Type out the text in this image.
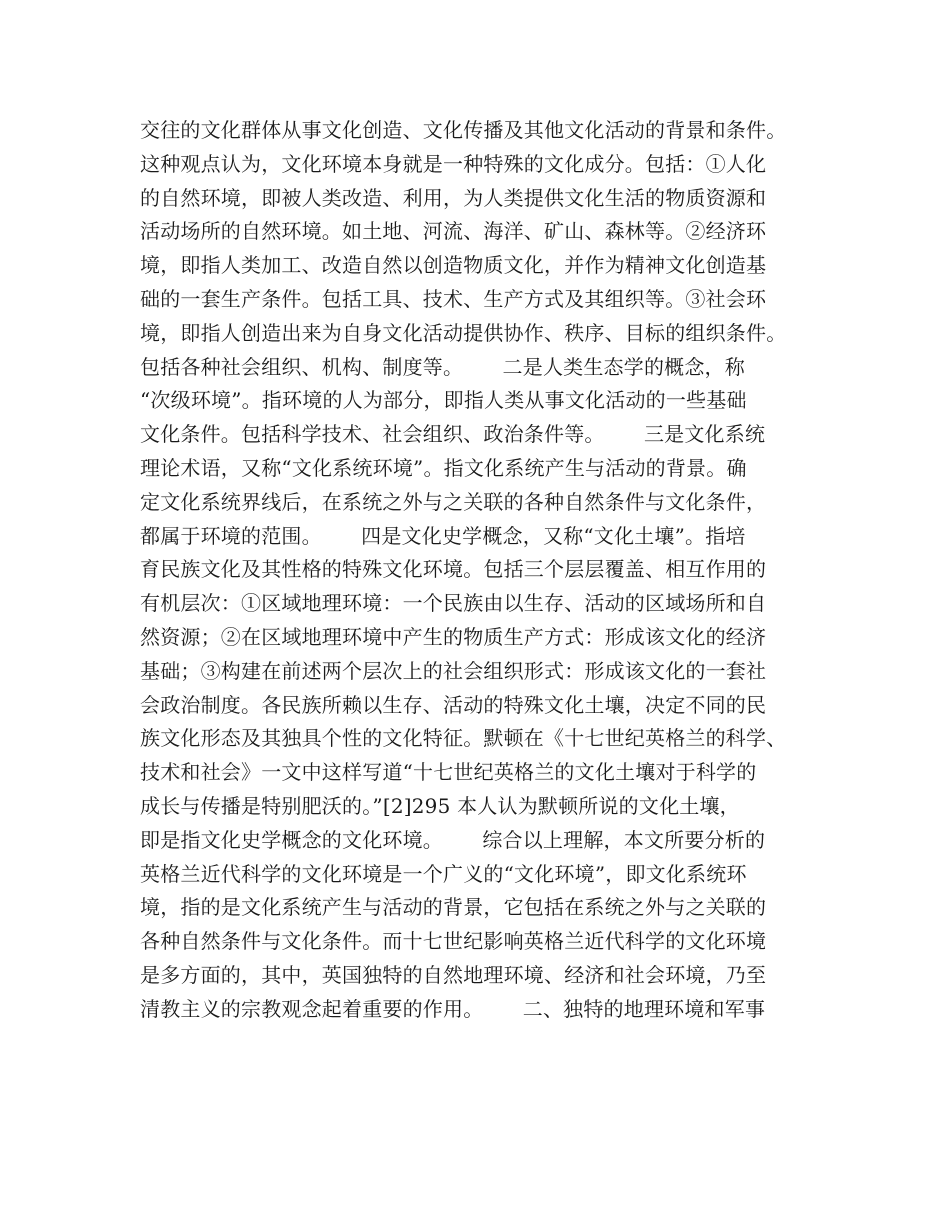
交往的文化群体从事文化创造、文化传播及其他文化活动的背景和条件。
这种观点认为，文化环境本身就是一种特殊的文化成分。包括：①人化
的自然环境，即被人类改造、利用，为人类提供文化生活的物质资源和
活动场所的自然环境。如土地、河流、海洋、矿山、森林等。②经济环
境，即指人类加工、改造自然以创造物质文化，并作为精神文化创造基
础的一套生产条件。包括工具、技术、生产方式及其组织等。③社会环
境，即指人创造出来为自身文化活动提供协作、秩序、目标的组织条件。
包括各种社会组织、机构、制度等。      二是人类生态学的概念，称
“次级环境”。指环境的人为部分，即指人类从事文化活动的一些基础
文化条件。包括科学技术、社会组织、政治条件等。      三是文化系统
理论术语，又称“文化系统环境”。指文化系统产生与活动的背景。确
定文化系统界线后，在系统之外与之关联的各种自然条件与文化条件，
都属于环境的范围。      四是文化史学概念，又称“文化土壤”。指培
育民族文化及其性格的特殊文化环境。包括三个层层覆盖、相互作用的
有机层次：①区域地理环境：一个民族由以生存、活动的区域场所和自
然资源；②在区域地理环境中产生的物质生产方式：形成该文化的经济
基础；③构建在前述两个层次上的社会组织形式：形成该文化的一套社
会政治制度。各民族所赖以生存、活动的特殊文化土壤，决定不同的民
族文化形态及其独具个性的文化特征。默顿在《十七世纪英格兰的科学、
技术和社会》一文中这样写道“十七世纪英格兰的文化土壤对于科学的
成长与传播是特别肥沃的。”[2]295 本人认为默顿所说的文化土壤，
即是指文化史学概念的文化环境。      综合以上理解，本文所要分析的
英格兰近代科学的文化环境是一个广义的“文化环境”，即文化系统环
境，指的是文化系统产生与活动的背景，它包括在系统之外与之关联的
各种自然条件与文化条件。而十七世纪影响英格兰近代科学的文化环境
是多方面的，其中，英国独特的自然地理环境、经济和社会环境，乃至
清教主义的宗教观念起着重要的作用。      二、独特的地理环境和军事
